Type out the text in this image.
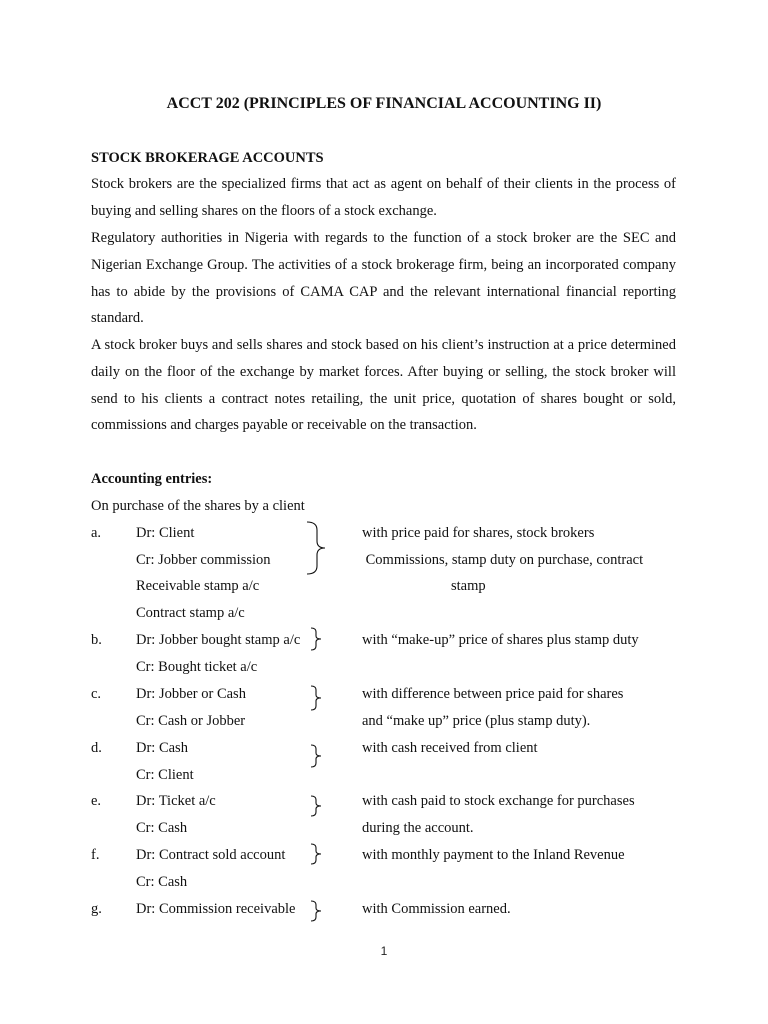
ACCT 202 (PRINCIPLES OF FINANCIAL ACCOUNTING II)
STOCK BROKERAGE ACCOUNTS
Stock brokers are the specialized firms that act as agent on behalf of their clients in the process of buying and selling shares on the floors of a stock exchange.
Regulatory authorities in Nigeria with regards to the function of a stock broker are the SEC and Nigerian Exchange Group. The activities of a stock brokerage firm, being an incorporated company has to abide by the provisions of CAMA CAP and the relevant international financial reporting standard.
A stock broker buys and sells shares and stock based on his client’s instruction at a price determined daily on the floor of the exchange by market forces. After buying or selling, the stock broker will send to his clients a contract notes retailing, the unit price, quotation of shares bought or sold, commissions and charges payable or receivable on the transaction.
Accounting entries:
On purchase of the shares by a client
a. Dr: Client
Cr: Jobber commission
Receivable stamp a/c
Contract stamp a/c
with price paid for shares, stock brokers
Commissions, stamp duty on purchase, contract
stamp
b. Dr: Jobber bought stamp a/c
Cr: Bought ticket a/c
with “make-up” price of shares plus stamp duty
c. Dr: Jobber or Cash
Cr: Cash or Jobber
with difference between price paid for shares
and “make up” price (plus stamp duty).
d. Dr: Cash
Cr: Client
with cash received from client
e. Dr: Ticket a/c
Cr: Cash
with cash paid to stock exchange for purchases
during the account.
f.	Dr: Contract sold account
Cr: Cash
with monthly payment to the Inland Revenue
g. Dr: Commission receivable	with Commission earned.
1
